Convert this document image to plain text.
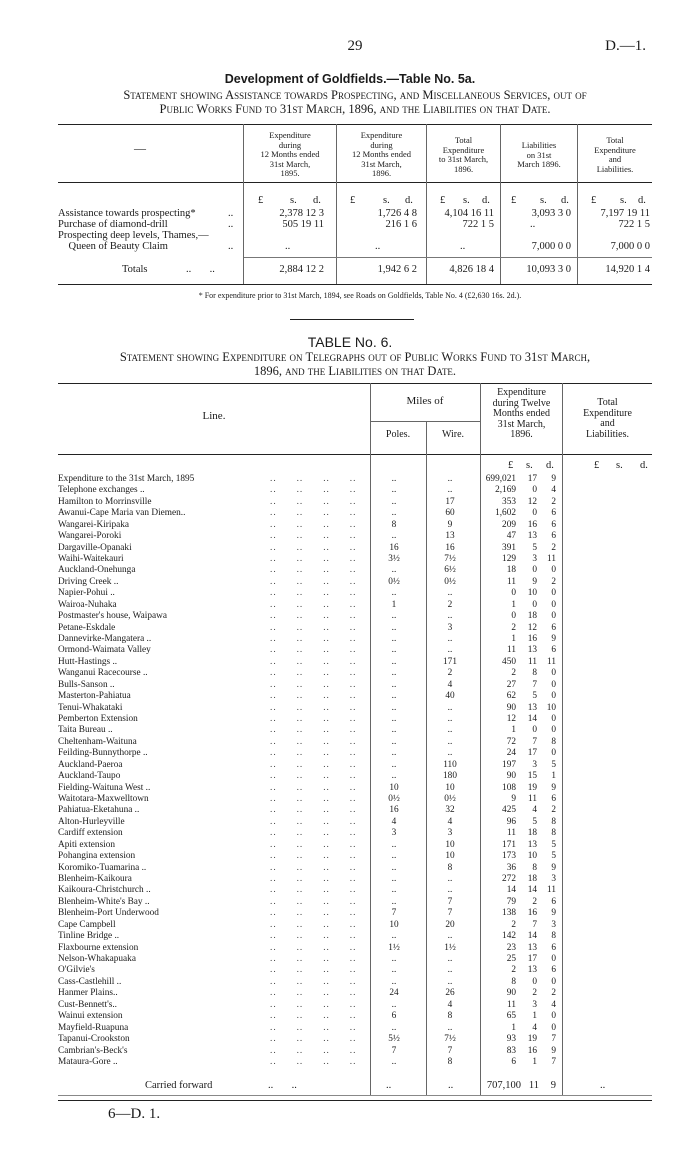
29	D.—1.
Development of Goldfields.—Table No. 5a.
Statement showing Assistance towards Prospecting, and Miscellaneous Services, out of
Public Works Fund to 31st March, 1896, and the Liabilities on that Date.
—
Expenditure
during
12 Months ended
31st March,
1895.
Expenditure
during
12 Months ended
31st March,
1896.
Total
Expenditure
to 31st March,
1896.
Liabilities
on 31st
March 1896.
Total
Expenditure
and
Liabilities.
£	s. d.	£	s. d.	£ s. d. £ s. d. £ s. d.
Assistance towards prospecting*	..	2,378 12 3	1,726 4 8	4,104 16 11	3,093 3 0	7,197 19 11
Purchase of diamond-drill	..	505 19 11	216 1 6	722 1 5	..	722 1 5
Prospecting deep levels, Thames,—
Queen of Beauty Claim	..	..	..	..	7,000 0 0	7,000 0 0
Totals	..       ..	2,884 12 2	1,942 6 2	4,826 18 4	10,093 3 0	14,920 1 4
* For expenditure prior to 31st March, 1894, see Roads on Goldfields, Table No. 4 (£2,630 16s. 2d.).
TABLE No. 6.
Statement showing Expenditure on Telegraphs out of Public Works Fund to 31st March,
1896, and the Liabilities on that Date.
Line.
Miles of
Poles.	Wire.
Expenditure
during Twelve
Months ended
31st March,
1896.
Total
Expenditure
and
Liabilities.
£ s. d.	£ s. d.
Expenditure to the 31st March, 1895	..      ..      ..      ..	..	..	699,021	17	9
Telephone exchanges ..	..      ..      ..      ..	..	..	2,169	0	4
Hamilton to Morrinsville	..      ..      ..      ..	..	17	353	12	2
Awanui-Cape Maria van Diemen..	..      ..      ..      ..	..	60	1,602	0	6
Wangarei-Kiripaka	..      ..      ..      ..	8	9	209	16	6
Wangarei-Poroki	..      ..      ..      ..	..	13	47	13	6
Dargaville-Opanaki	..      ..      ..      ..	16	16	391	5	2
Waihi-Waitekauri	..      ..      ..      ..	3½	7½	129	3	11
Auckland-Onehunga	..      ..      ..      ..	..	6½	18	0	0
Driving Creek ..	..      ..      ..      ..	0½	0½	11	9	2
Napier-Pohui ..	..      ..      ..      ..	..	..	0	10	0
Wairoa-Nuhaka	..      ..      ..      ..	1	2	1	0	0
Postmaster's house, Waipawa	..      ..      ..      ..	..	..	0	18	0
Petane-Eskdale	..      ..      ..      ..	..	3	2	12	6
Dannevirke-Mangatera ..	..      ..      ..      ..	..	..	1	16	9
Ormond-Waimata Valley	..      ..      ..      ..	..	..	11	13	6
Hutt-Hastings ..	..      ..      ..      ..	..	171	450	11	11
Wanganui Racecourse ..	..      ..      ..      ..	..	2	2	8	0
Bulls-Sanson ..	..      ..      ..      ..	..	4	27	7	0
Masterton-Pahiatua	..      ..      ..      ..	..	40	62	5	0
Tenui-Whakataki	..      ..      ..      ..	..	..	90	13	10
Pemberton Extension	..      ..      ..      ..	..	..	12	14	0
Taita Bureau ..	..      ..      ..      ..	..	..	1	0	0
Cheltenham-Waituna	..      ..      ..      ..	..	..	72	7	8
Feilding-Bunnythorpe ..	..      ..      ..      ..	..	..	24	17	0
Auckland-Paeroa	..      ..      ..      ..	..	110	197	3	5
Auckland-Taupo	..      ..      ..      ..	..	180	90	15	1
Fielding-Waituna West ..	..      ..      ..      ..	10	10	108	19	9
Waitotara-Maxwelltown	..      ..      ..      ..	0½	0½	9	11	6
Pahiatua-Eketahuna ..	..      ..      ..      ..	16	32	425	4	2
Alton-Hurleyville	..      ..      ..      ..	4	4	96	5	8
Cardiff extension	..      ..      ..      ..	3	3	11	18	8
Apiti extension	..      ..      ..      ..	..	10	171	13	5
Pohangina extension	..      ..      ..      ..	..	10	173	10	5
Koromiko-Tuamarina ..	..      ..      ..      ..	..	8	36	8	9
Blenheim-Kaikoura	..      ..      ..      ..	..	..	272	18	3
Kaikoura-Christchurch ..	..      ..      ..      ..	..	..	14	14	11
Blenheim-White's Bay ..	..      ..      ..      ..	..	7	79	2	6
Blenheim-Port Underwood	..      ..      ..      ..	7	7	138	16	9
Cape Campbell	..      ..      ..      ..	10	20	2	7	3
Tinline Bridge ..	..      ..      ..      ..	..	..	142	14	8
Flaxbourne extension	..      ..      ..      ..	1½	1½	23	13	6
Nelson-Whakapuaka	..      ..      ..      ..	..	..	25	17	0
O'Gilvie's	..      ..      ..      ..	..	..	2	13	6
Cass-Castlehill ..	..      ..      ..      ..	..	..	8	0	0
Hanmer Plains..	..      ..      ..      ..	24	26	90	2	2
Cust-Bennett's..	..      ..      ..      ..	..	4	11	3	4
Wainui extension	..      ..      ..      ..	6	8	65	1	0
Mayfield-Ruapuna	..      ..      ..      ..	..	..	1	4	0
Tapanui-Crookston	..      ..      ..      ..	5½	7½	93	19	7
Cambrian's-Beck's	..      ..      ..      ..	7	7	83	16	9
Mataura-Gore ..	..      ..      ..      ..	..	8	6	1	7
Carried forward	..       ..	..	..	707,100 11	9	..
6—D. 1.
